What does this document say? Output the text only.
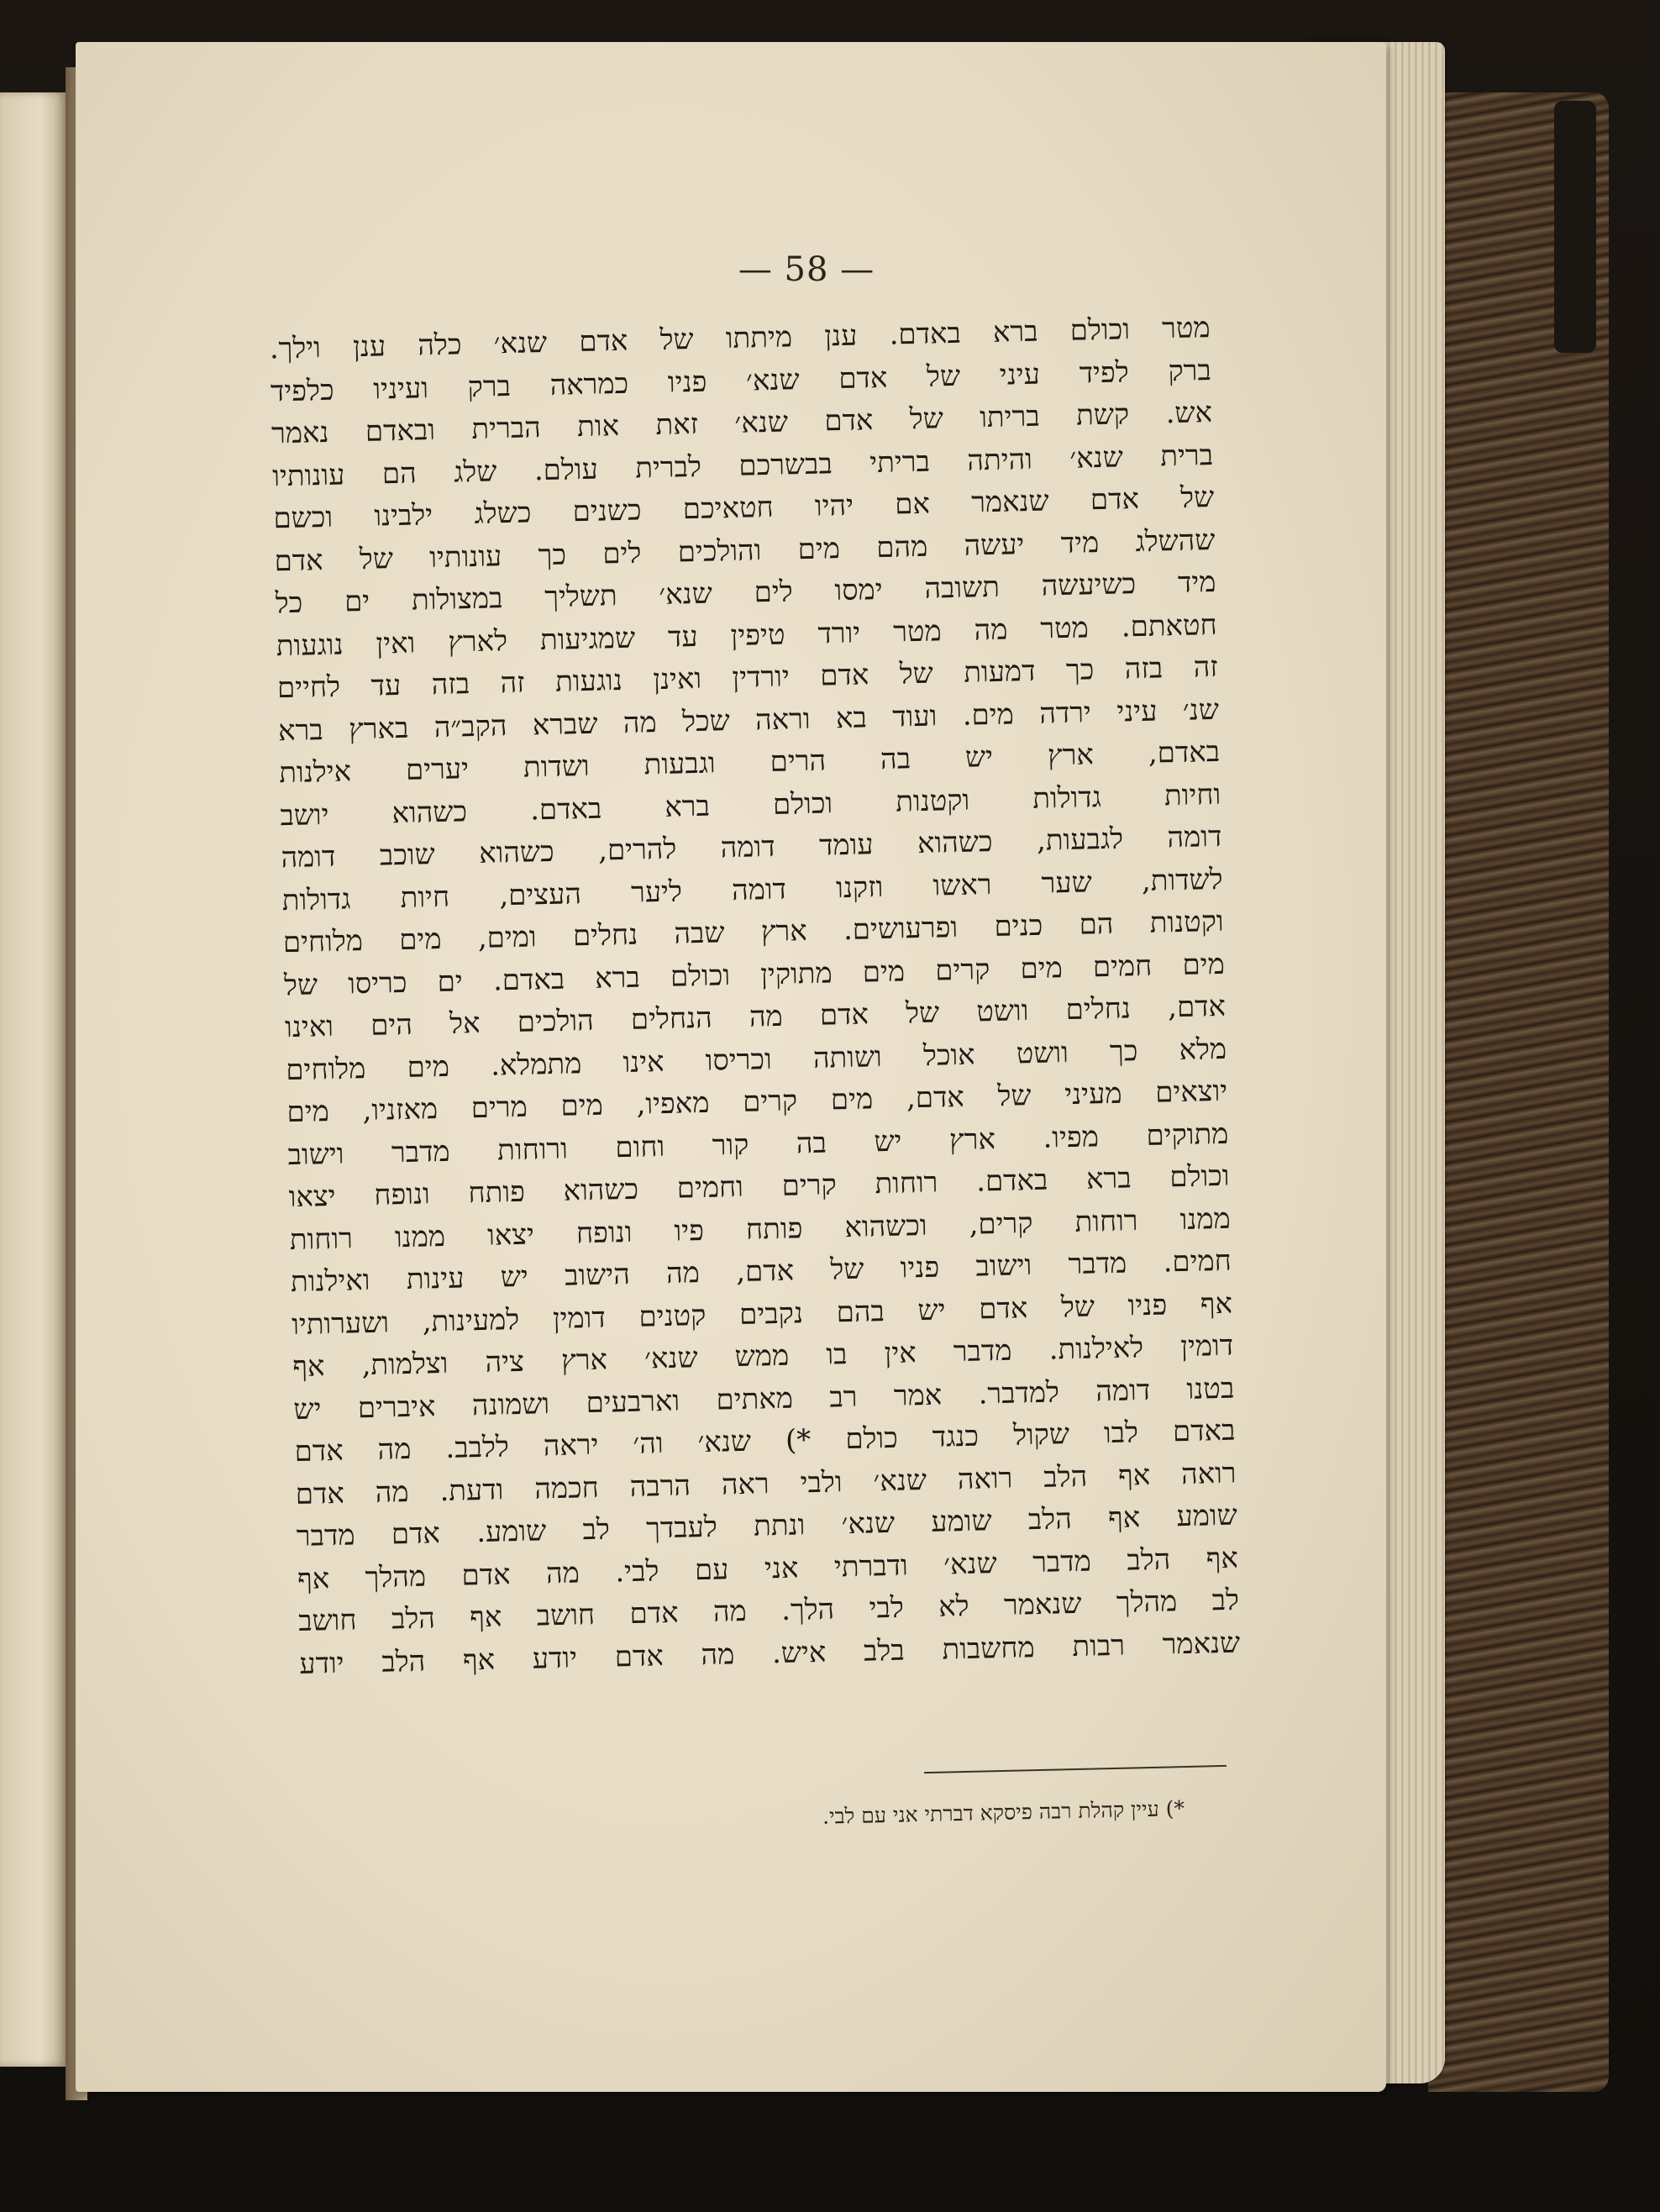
— 58 —
מטר וכולם ברא באדם. ענן מיתתו של אדם שנא׳ כלה ענן וילך.
ברק לפיד עיני של אדם שנא׳ פניו כמראה ברק ועיניו כלפיד
אש. קשת בריתו של אדם שנא׳ זאת אות הברית ובאדם נאמר
ברית שנא׳ והיתה בריתי בבשרכם לברית עולם. שלג הם עונותיו
של אדם שנאמר אם יהיו חטאיכם כשנים כשלג ילבינו וכשם
שהשלג מיד יעשה מהם מים והולכים לים כך עונותיו של אדם
מיד כשיעשה תשובה ימסו לים שנא׳ תשליך במצולות ים כל
חטאתם. מטר מה מטר יורד טיפין עד שמגיעות לארץ ואין נוגעות
זה בזה כך דמעות של אדם יורדין ואינן נוגעות זה בזה עד לחיים
שנ׳ עיני ירדה מים. ועוד בא וראה שכל מה שברא הקב״ה בארץ ברא
באדם, ארץ יש בה הרים וגבעות ושדות יערים אילנות
וחיות גדולות וקטנות וכולם ברא באדם. כשהוא יושב
דומה לגבעות, כשהוא עומד דומה להרים, כשהוא שוכב דומה
לשדות, שער ראשו וזקנו דומה ליער העצים, חיות גדולות
וקטנות הם כנים ופרעושים. ארץ שבה נחלים ומים, מים מלוחים
מים חמים מים קרים מים מתוקין וכולם ברא באדם. ים כריסו של
אדם, נחלים וושט של אדם מה הנחלים הולכים אל הים ואינו
מלא כך וושט אוכל ושותה וכריסו אינו מתמלא. מים מלוחים
יוצאים מעיני של אדם, מים קרים מאפיו, מים מרים מאזניו, מים
מתוקים מפיו. ארץ יש בה קור וחום ורוחות מדבר וישוב
וכולם ברא באדם. רוחות קרים וחמים כשהוא פותח ונופח יצאו
ממנו רוחות קרים, וכשהוא פותח פיו ונופח יצאו ממנו רוחות
חמים. מדבר וישוב פניו של אדם, מה הישוב יש עינות ואילנות
אף פניו של אדם יש בהם נקבים קטנים דומין למעינות, ושערותיו
דומין לאילנות. מדבר אין בו ממש שנא׳ ארץ ציה וצלמות, אף
בטנו דומה למדבר. אמר רב מאתים וארבעים ושמונה איברים יש
באדם לבו שקול כנגד כולם *) שנא׳ וה׳ יראה ללבב. מה אדם
רואה אף הלב רואה שנא׳ ולבי ראה הרבה חכמה ודעת. מה אדם
שומע אף הלב שומע שנא׳ ונתת לעבדך לב שומע. אדם מדבר
אף הלב מדבר שנא׳ ודברתי אני עם לבי. מה אדם מהלך אף
לב מהלך שנאמר לא לבי הלך. מה אדם חושב אף הלב חושב
שנאמר רבות מחשבות בלב איש. מה אדם יודע אף הלב יודע
*) עיין קהלת רבה פיסקא דברתי אני עם לבי.
